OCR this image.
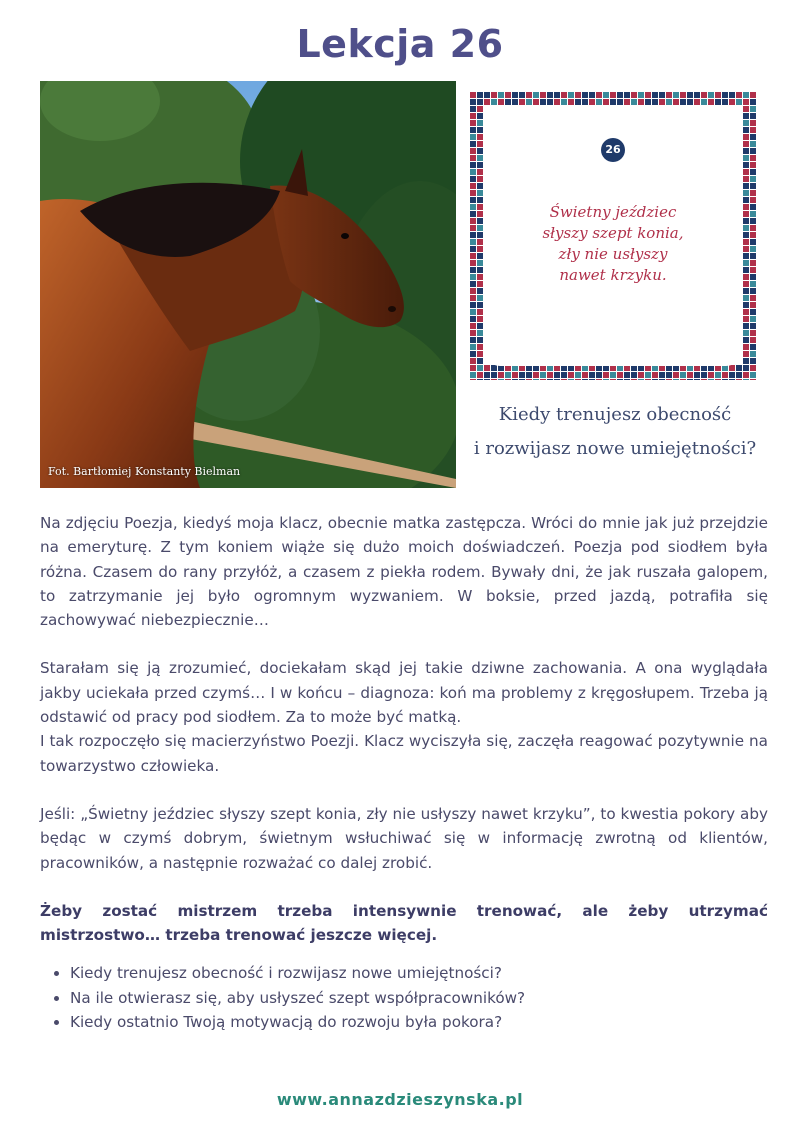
Lekcja 26
Fot. Bartłomiej Konstanty Bielman
26
Świetny jeździec
słyszy szept konia,
zły nie usłyszy
nawet krzyku.
Kiedy trenujesz obecność
i rozwijasz nowe umiejętności?

Na zdjęciu Poezja, kiedyś moja klacz, obecnie matka zastępcza. Wróci do mnie jak już przejdzie na emeryturę. Z tym koniem wiąże się dużo moich doświadczeń. Poezja pod siodłem była różna. Czasem do rany przyłóż, a czasem z piekła rodem. Bywały dni, że jak ruszała galopem, to zatrzymanie jej było ogromnym wyzwaniem. W boksie, przed jazdą, potrafiła się zachowywać niebezpiecznie…

Starałam się ją zrozumieć, dociekałam skąd jej takie dziwne zachowania. A ona wyglądała jakby uciekała przed czymś… I w końcu – diagnoza: koń ma problemy z kręgosłupem. Trzeba ją odstawić od pracy pod siodłem. Za to może być matką.

I tak rozpoczęło się macierzyństwo Poezji. Klacz wyciszyła się, zaczęła reagować pozytywnie na towarzystwo człowieka.

Jeśli: „Świetny jeździec słyszy szept konia, zły nie usłyszy nawet krzyku”, to kwestia pokory aby będąc w czymś dobrym, świetnym wsłuchiwać się w informację zwrotną od klientów, pracowników, a następnie rozważać co dalej zrobić.

Żeby zostać mistrzem trzeba intensywnie trenować, ale żeby utrzymać mistrzostwo… trzeba trenować jeszcze więcej.

• Kiedy trenujesz obecność i rozwijasz nowe umiejętności?
• Na ile otwierasz się, aby usłyszeć szept współpracowników?
• Kiedy ostatnio Twoją motywacją do rozwoju była pokora?
www.annazdzieszynska.pl
